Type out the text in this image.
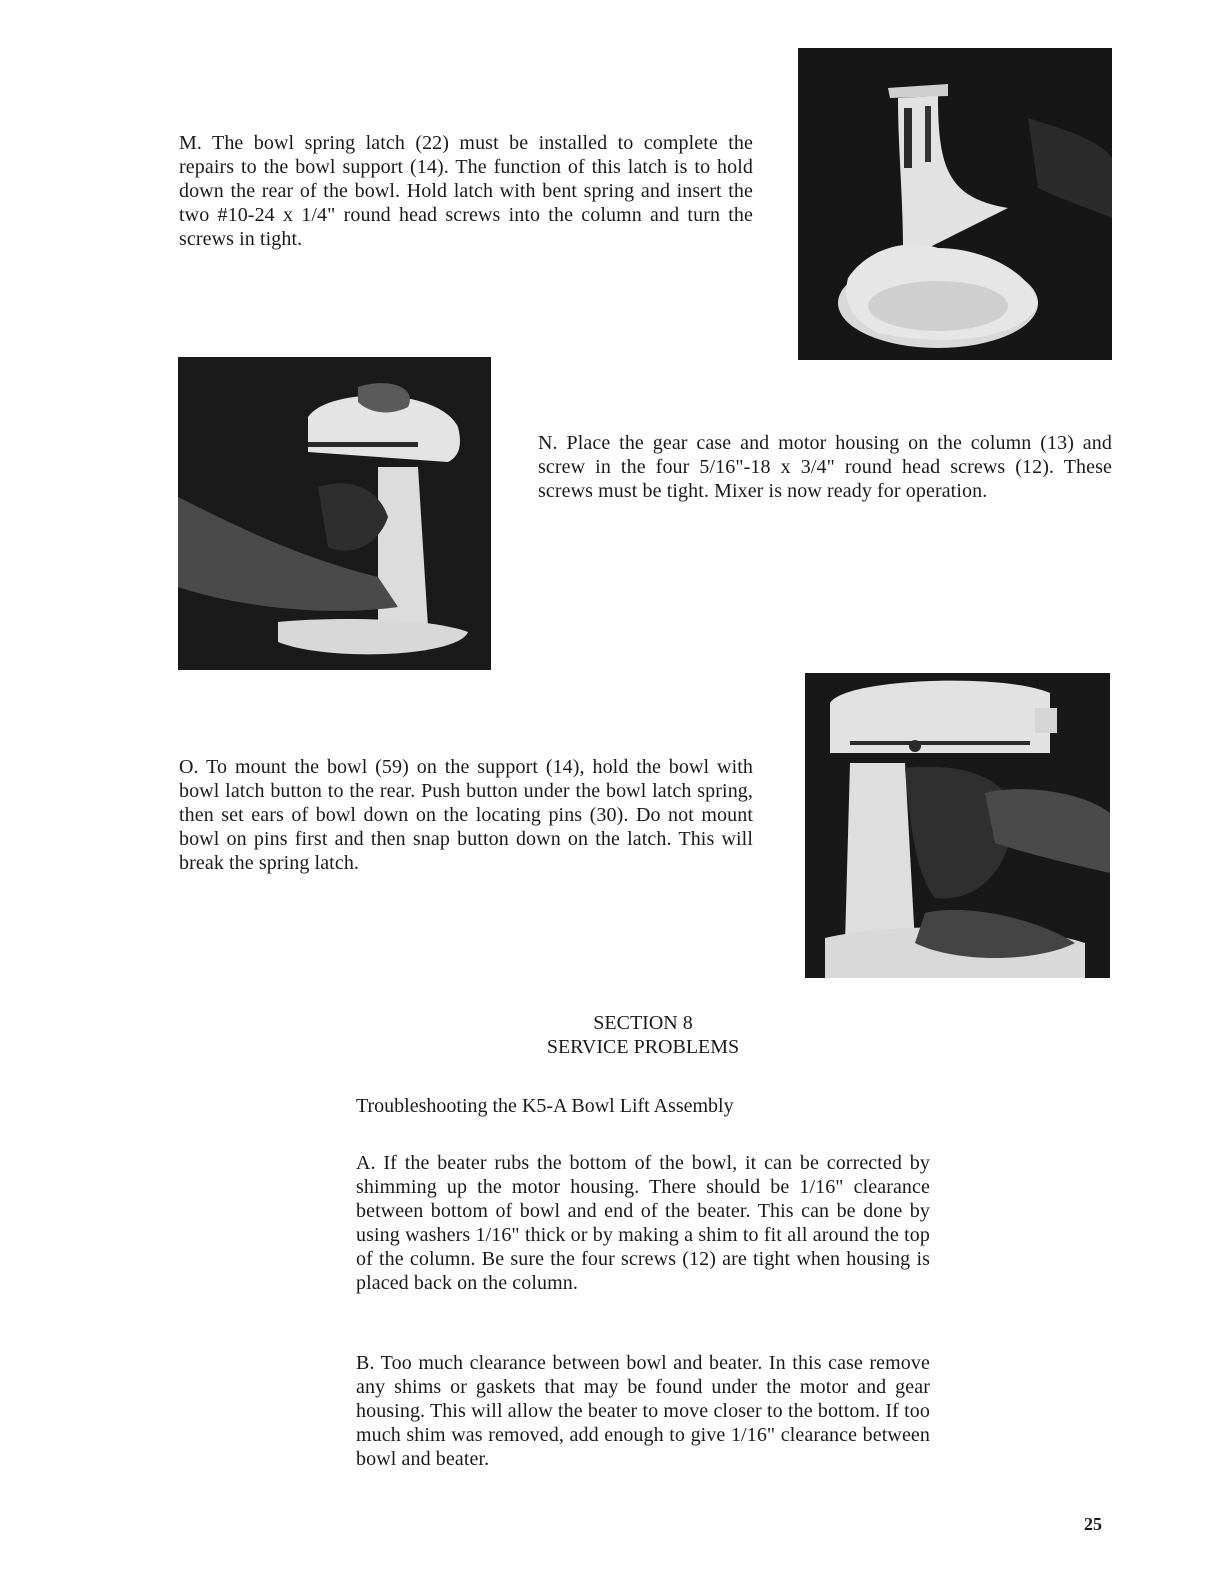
M. The bowl spring latch (22) must be installed to complete the repairs to the bowl support (14). The function of this latch is to hold down the rear of the bowl. Hold latch with bent spring and insert the two #10-24 x 1/4" round head screws into the column and turn the screws in tight.

N. Place the gear case and motor housing on the column (13) and screw in the four 5/16"-18 x 3/4" round head screws (12). These screws must be tight. Mixer is now ready for operation.

O. To mount the bowl (59) on the support (14), hold the bowl with bowl latch button to the rear. Push button under the bowl latch spring, then set ears of bowl down on the locating pins (30). Do not mount bowl on pins first and then snap button down on the latch. This will break the spring latch.

SECTION 8
SERVICE PROBLEMS

Troubleshooting the K5-A Bowl Lift Assembly

A. If the beater rubs the bottom of the bowl, it can be corrected by shimming up the motor housing. There should be 1/16" clearance between bottom of bowl and end of the beater. This can be done by using washers 1/16" thick or by making a shim to fit all around the top of the column. Be sure the four screws (12) are tight when housing is placed back on the column.

B. Too much clearance between bowl and beater. In this case remove any shims or gaskets that may be found under the motor and gear housing. This will allow the beater to move closer to the bottom. If too much shim was removed, add enough to give 1/16" clearance between bowl and beater.

25
